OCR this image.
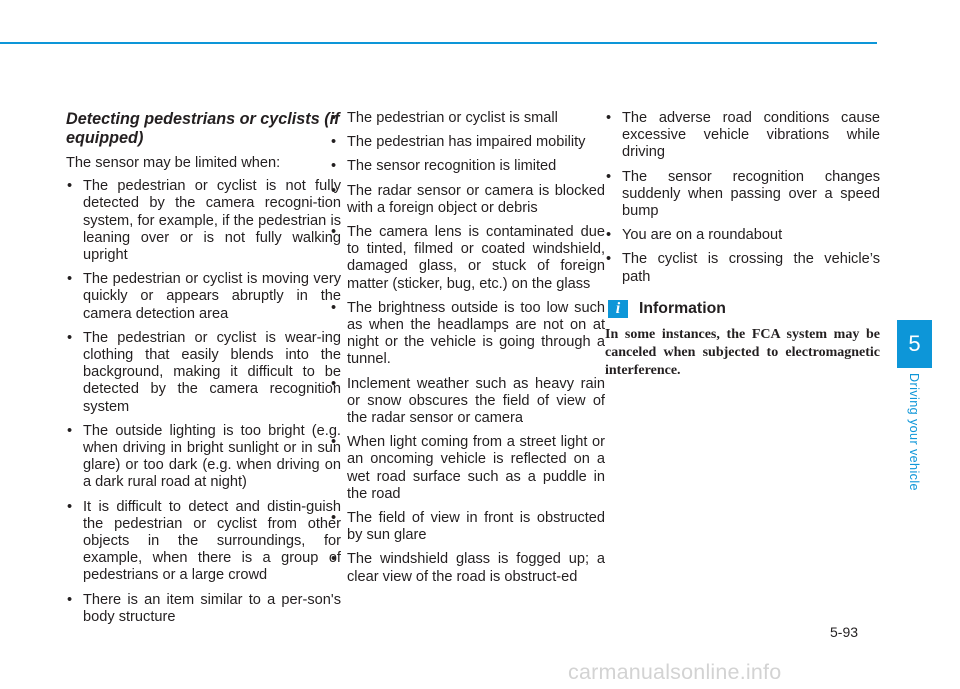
Detecting pedestrians or cyclists (if equipped)
The sensor may be limited when:
• The pedestrian or cyclist is not fully detected by the camera recogni-tion system, for example, if the pedestrian is leaning over or is not fully walking upright
• The pedestrian or cyclist is moving very quickly or appears abruptly in the camera detection area
• The pedestrian or cyclist is wear-ing clothing that easily blends into the background, making it difficult to be detected by the camera recognition system
• The outside lighting is too bright (e.g. when driving in bright sunlight or in sun glare) or too dark (e.g. when driving on a dark rural road at night)
• It is difficult to detect and distin-guish the pedestrian or cyclist from other objects in the surroundings, for example, when there is a group of pedestrians or a large crowd
• There is an item similar to a per-son's body structure
• The pedestrian or cyclist is small
• The pedestrian has impaired mobility
• The sensor recognition is limited
• The radar sensor or camera is blocked with a foreign object or debris
• The camera lens is contaminated due to tinted, filmed or coated windshield, damaged glass, or stuck of foreign matter (sticker, bug, etc.) on the glass
• The brightness outside is too low such as when the headlamps are not on at night or the vehicle is going through a tunnel.
• Inclement weather such as heavy rain or snow obscures the field of view of the radar sensor or camera
• When light coming from a street light or an oncoming vehicle is reflected on a wet road surface such as a puddle in the road
• The field of view in front is obstructed by sun glare
• The windshield glass is fogged up; a clear view of the road is obstruct-ed
• The adverse road conditions cause excessive vehicle vibrations while driving
• The sensor recognition changes suddenly when passing over a speed bump
• You are on a roundabout
• The cyclist is crossing the vehicle’s path
i	Information

In some instances, the FCA system may be canceled when subjected to electromagnetic interference.

5
Driving your vehicle
5-93
carmanualsonline.info
